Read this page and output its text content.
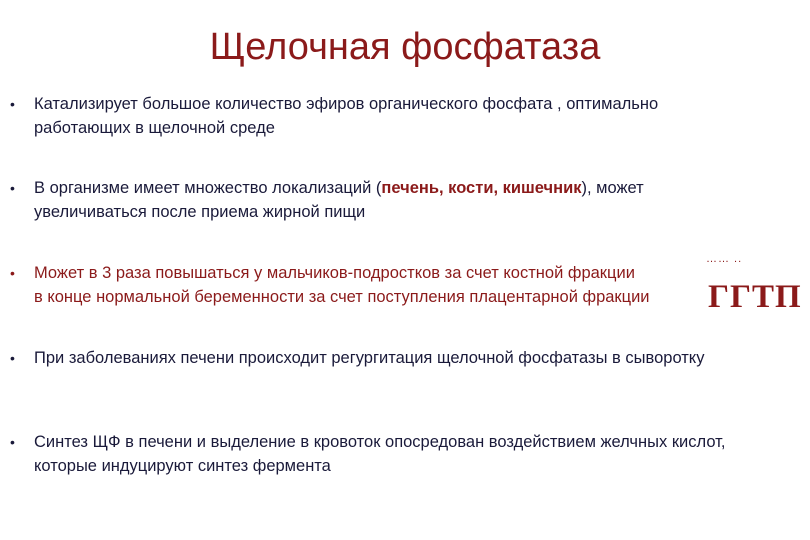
Щелочная фосфатаза
•	Катализирует большое количество эфиров органического фосфата , оптимально работающих в щелочной среде
•	В организме имеет множество локализаций (печень, кости, кишечник), может увеличиваться после приема жирной пищи
•	Может в 3 раза повышаться у мальчиков-подростков за счет костной фракции
в конце нормальной беременности за счет поступления плацентарной фракции
•	При заболеваниях печени происходит регургитация щелочной фосфатазы в сыворотку
•	Синтез ЩФ в печени и выделение в кровоток опосредован воздействием желчных кислот, которые индуцируют синтез фермента
…… ..
ГГТП
